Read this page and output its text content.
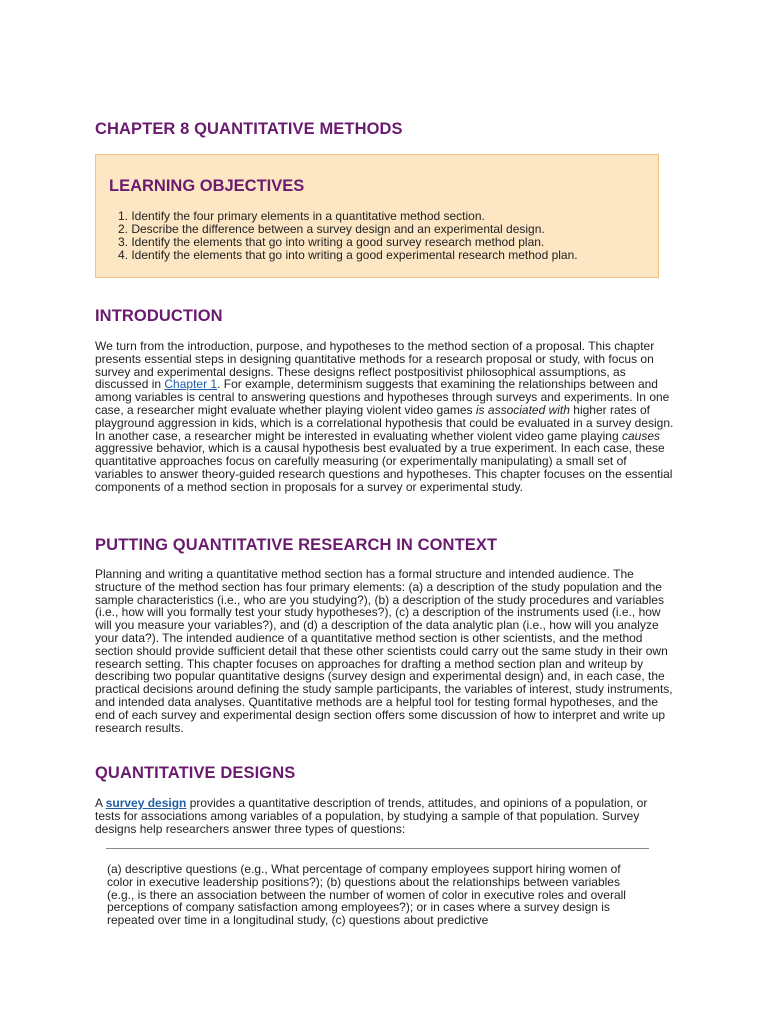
CHAPTER 8 QUANTITATIVE METHODS
LEARNING OBJECTIVES
1. Identify the four primary elements in a quantitative method section.
2. Describe the difference between a survey design and an experimental design.
3. Identify the elements that go into writing a good survey research method plan.
4. Identify the elements that go into writing a good experimental research method plan.
INTRODUCTION

We turn from the introduction, purpose, and hypotheses to the method section of a proposal. This chapter presents essential steps in designing quantitative methods for a research proposal or study, with focus on survey and experimental designs. These designs reflect postpositivist philosophical assumptions, as discussed in Chapter 1. For example, determinism suggests that examining the relationships between and among variables is central to answering questions and hypotheses through surveys and experiments. In one case, a researcher might evaluate whether playing violent video games is associated with higher rates of playground aggression in kids, which is a correlational hypothesis that could be evaluated in a survey design. In another case, a researcher might be interested in evaluating whether violent video game playing causes aggressive behavior, which is a causal hypothesis best evaluated by a true experiment. In each case, these quantitative approaches focus on carefully measuring (or experimentally manipulating) a small set of variables to answer theory-guided research questions and hypotheses. This chapter focuses on the essential components of a method section in proposals for a survey or experimental study.

PUTTING QUANTITATIVE RESEARCH IN CONTEXT

Planning and writing a quantitative method section has a formal structure and intended audience. The structure of the method section has four primary elements: (a) a description of the study population and the sample characteristics (i.e., who are you studying?), (b) a description of the study procedures and variables (i.e., how will you formally test your study hypotheses?), (c) a description of the instruments used (i.e., how will you measure your variables?), and (d) a description of the data analytic plan (i.e., how will you analyze your data?). The intended audience of a quantitative method section is other scientists, and the method section should provide sufficient detail that these other scientists could carry out the same study in their own research setting. This chapter focuses on approaches for drafting a method section plan and writeup by describing two popular quantitative designs (survey design and experimental design) and, in each case, the practical decisions around defining the study sample participants, the variables of interest, study instruments, and intended data analyses. Quantitative methods are a helpful tool for testing formal hypotheses, and the end of each survey and experimental design section offers some discussion of how to interpret and write up research results.

QUANTITATIVE DESIGNS

A survey design provides a quantitative description of trends, attitudes, and opinions of a population, or tests for associations among variables of a population, by studying a sample of that population. Survey designs help researchers answer three types of questions:

(a) descriptive questions (e.g., What percentage of company employees support hiring women of color in executive leadership positions?); (b) questions about the relationships between variables (e.g., is there an association between the number of women of color in executive roles and overall perceptions of company satisfaction among employees?); or in cases where a survey design is repeated over time in a longitudinal study, (c) questions about predictive
